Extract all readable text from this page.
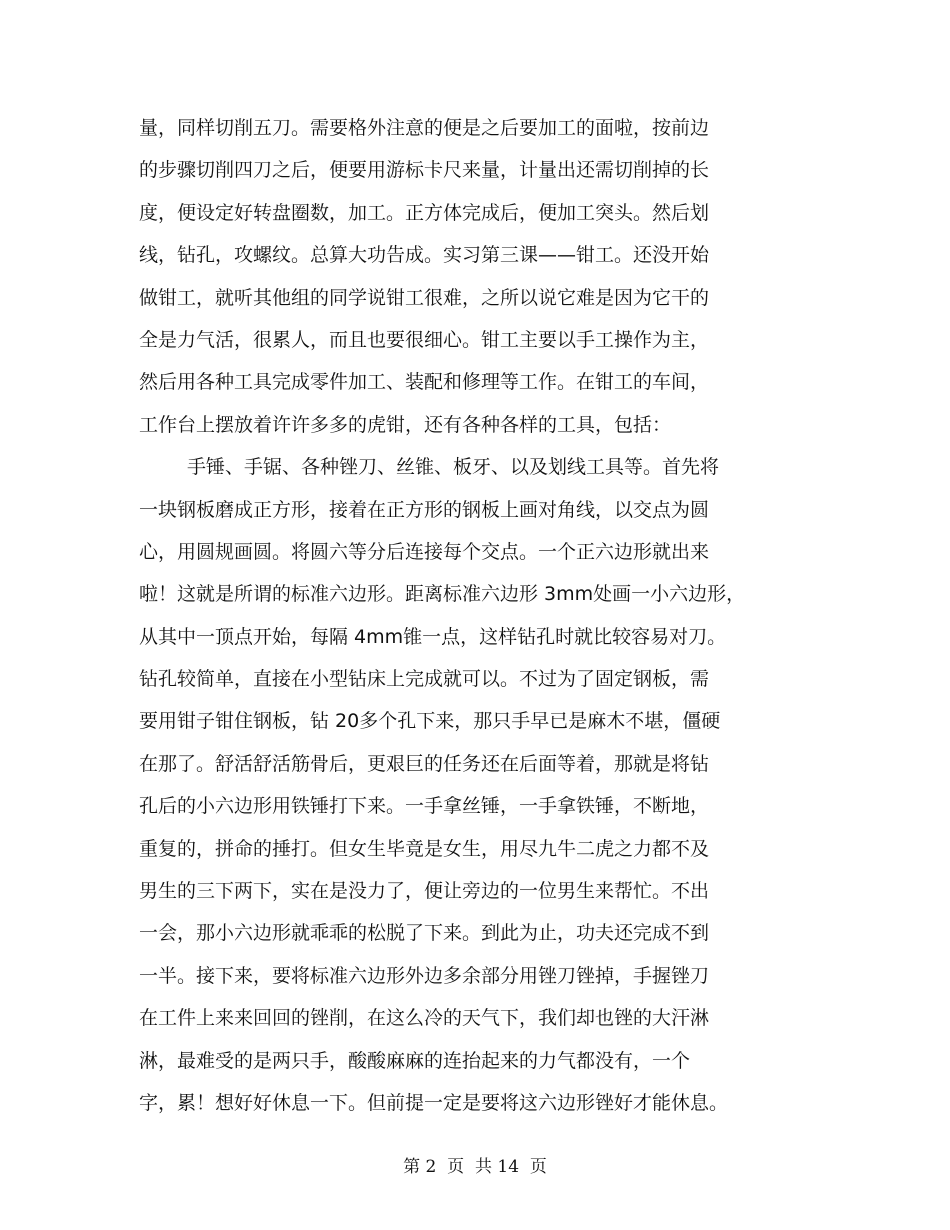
量，同样切削五刀。需要格外注意的便是之后要加工的面啦，按前边
的步骤切削四刀之后，便要用游标卡尺来量，计量出还需切削掉的长
度，便设定好转盘圈数，加工。正方体完成后，便加工突头。然后划
线，钻孔，攻螺纹。总算大功告成。实习第三课——钳工。还没开始
做钳工，就听其他组的同学说钳工很难，之所以说它难是因为它干的
全是力气活，很累人，而且也要很细心。钳工主要以手工操作为主，
然后用各种工具完成零件加工、装配和修理等工作。在钳工的车间，
工作台上摆放着许许多多的虎钳，还有各种各样的工具，包括：
手锤、手锯、各种锉刀、丝锥、板牙、以及划线工具等。首先将
一块钢板磨成正方形，接着在正方形的钢板上画对角线，以交点为圆
心，用圆规画圆。将圆六等分后连接每个交点。一个正六边形就出来
啦！这就是所谓的标准六边形。距离标准六边形 3mm处画一小六边形，
从其中一顶点开始，每隔 4mm锥一点，这样钻孔时就比较容易对刀。
钻孔较简单，直接在小型钻床上完成就可以。不过为了固定钢板，需
要用钳子钳住钢板，钻 20多个孔下来，那只手早已是麻木不堪，僵硬
在那了。舒活舒活筋骨后，更艰巨的任务还在后面等着，那就是将钻
孔后的小六边形用铁锤打下来。一手拿丝锤，一手拿铁锤，不断地，
重复的，拼命的捶打。但女生毕竟是女生，用尽九牛二虎之力都不及
男生的三下两下，实在是没力了，便让旁边的一位男生来帮忙。不出
一会，那小六边形就乖乖的松脱了下来。到此为止，功夫还完成不到
一半。接下来，要将标准六边形外边多余部分用锉刀锉掉，手握锉刀
在工件上来来回回的锉削，在这么冷的天气下，我们却也锉的大汗淋
淋，最难受的是两只手，酸酸麻麻的连抬起来的力气都没有，一个
字，累！想好好休息一下。但前提一定是要将这六边形锉好才能休息。
第 2  页  共 14  页
